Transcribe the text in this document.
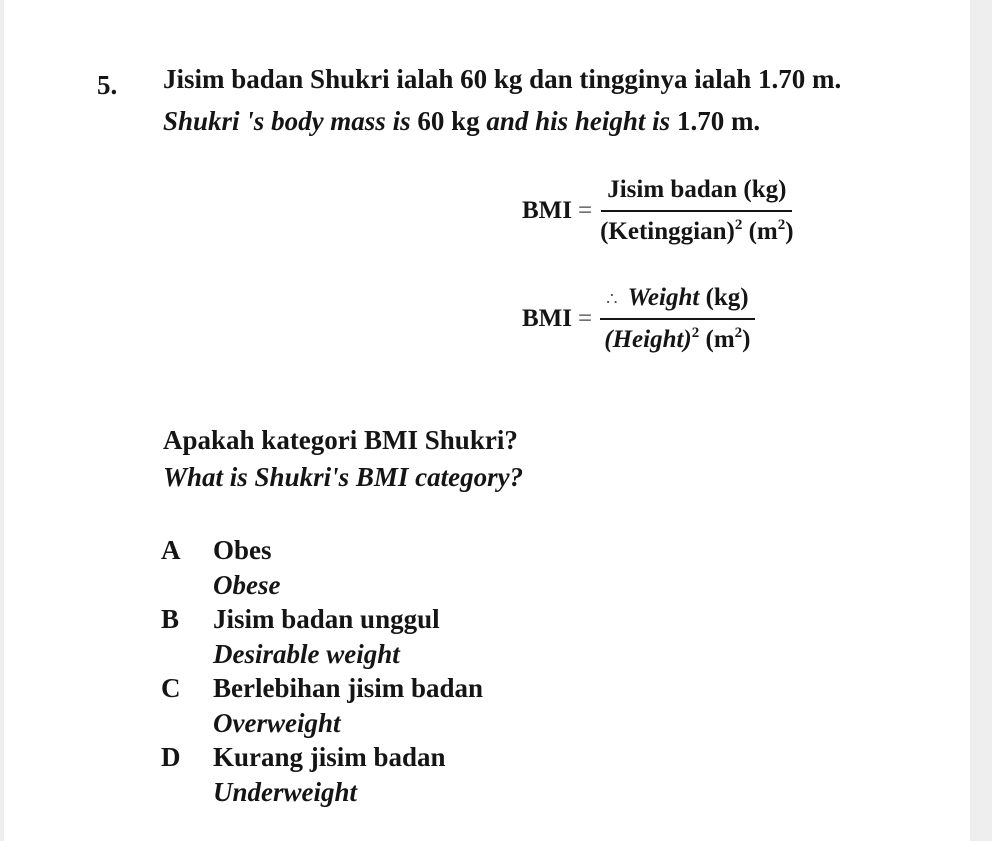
5. Jisim badan Shukri ialah 60 kg dan tingginya ialah 1.70 m.
Shukri 's body mass is 60 kg and his height is 1.70 m.
BMI = $\frac{\text{Jisim badan (kg)}}{(Ketinggian)^2 (m^2)}$
BMI = $\frac{\text{∴ Weight (kg)}}{(Height)^2 (m^2)}$
Apakah kategori BMI Shukri?
What is Shukri's BMI category?
A Obes
Obese
B Jisim badan unggul
Desirable weight
C Berlebihan jisim badan
Overweight
D Kurang jisim badan
Underweight
